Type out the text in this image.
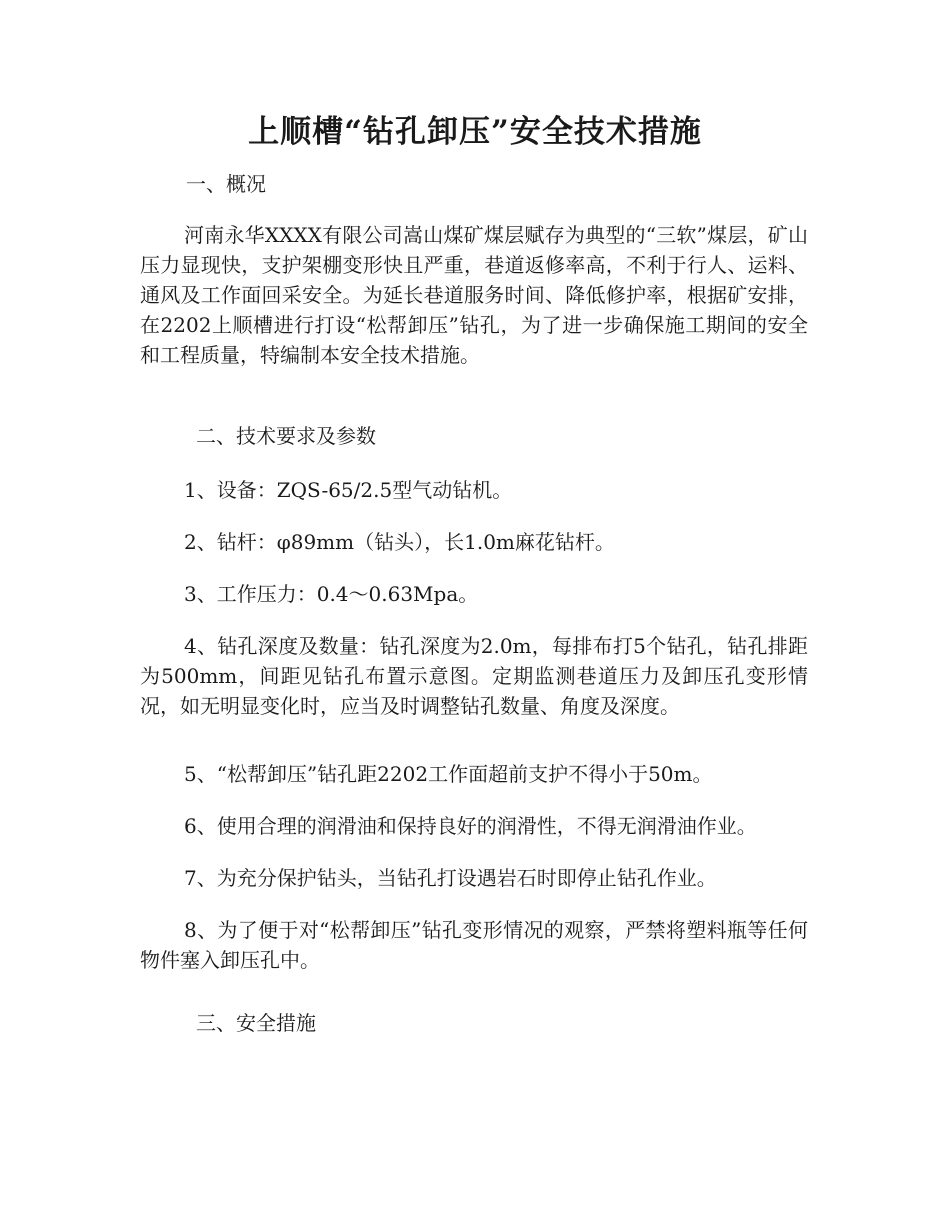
上顺槽“钻孔卸压”安全技术措施

一、概况

河南永华XXXX有限公司嵩山煤矿煤层赋存为典型的“三软”煤层，矿山压力显现快，支护架棚变形快且严重，巷道返修率高，不利于行人、运料、通风及工作面回采安全。为延长巷道服务时间、降低修护率，根据矿安排，在2202上顺槽进行打设“松帮卸压”钻孔，为了进一步确保施工期间的安全和工程质量，特编制本安全技术措施。

二、技术要求及参数

1、设备：ZQS-65/2.5型气动钻机。

2、钻杆：φ89mm（钻头），长1.0m麻花钻杆。

3、工作压力：0.4～0.63Mpa。

4、钻孔深度及数量：钻孔深度为2.0m，每排布打5个钻孔，钻孔排距为500mm，间距见钻孔布置示意图。定期监测巷道压力及卸压孔变形情况，如无明显变化时，应当及时调整钻孔数量、角度及深度。

5、“松帮卸压”钻孔距2202工作面超前支护不得小于50m。

6、使用合理的润滑油和保持良好的润滑性，不得无润滑油作业。

7、为充分保护钻头，当钻孔打设遇岩石时即停止钻孔作业。

8、为了便于对“松帮卸压”钻孔变形情况的观察，严禁将塑料瓶等任何物件塞入卸压孔中。

三、安全措施
